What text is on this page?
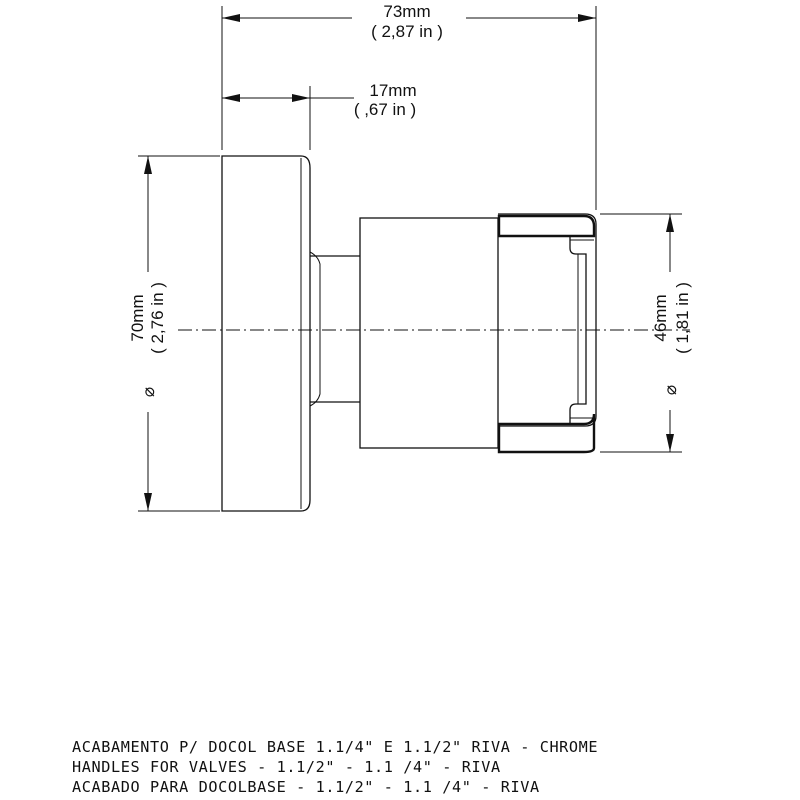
73mm
( 2,87 in )
17mm
( ,67 in )
⌀
70mm ( 2,76 in )
⌀
46mm ( 1,81 in )
ACABAMENTO P/ DOCOL BASE 1.1/4" E 1.1/2" RIVA - CHROME
HANDLES FOR VALVES - 1.1/2" - 1.1 /4" - RIVA
ACABADO PARA DOCOLBASE - 1.1/2" - 1.1 /4" - RIVA
